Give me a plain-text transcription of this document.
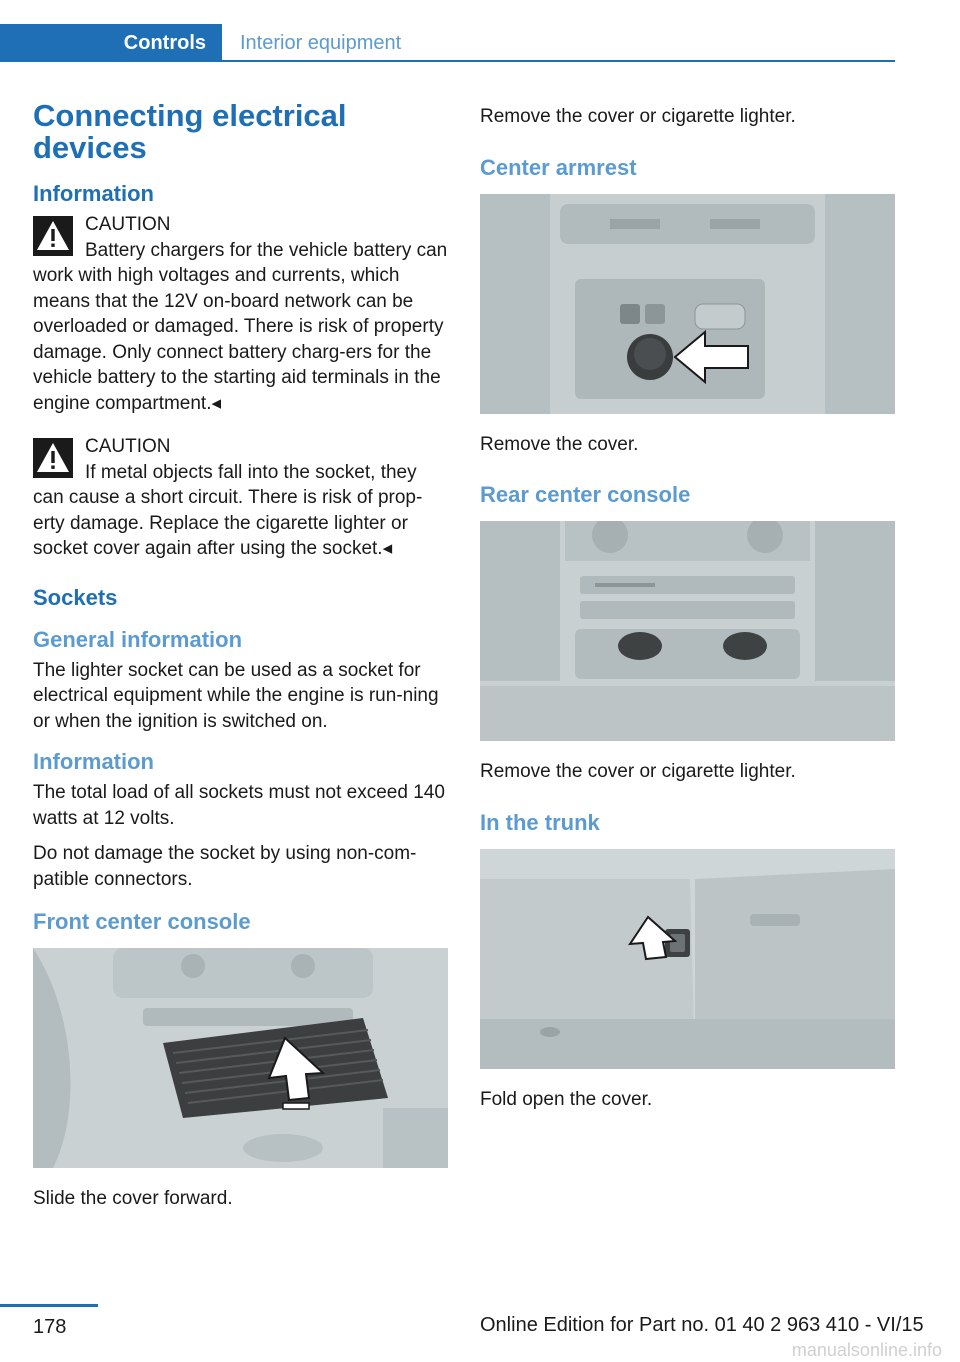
Controls	Interior equipment
Connecting electrical devices
Information
CAUTION
Battery chargers for the vehicle battery can work with high voltages and currents, which means that the 12V on-board network can be overloaded or damaged. There is risk of property damage. Only connect battery charg-ers for the vehicle battery to the starting aid terminals in the engine compartment.◂
CAUTION
If metal objects fall into the socket, they can cause a short circuit. There is risk of prop-erty damage. Replace the cigarette lighter or socket cover again after using the socket.◂
Sockets
General information
The lighter socket can be used as a socket for electrical equipment while the engine is run-ning or when the ignition is switched on.
Information
The total load of all sockets must not exceed 140 watts at 12 volts.
Do not damage the socket by using non-com-patible connectors.
Front center console
Slide the cover forward.
Remove the cover or cigarette lighter.
Center armrest
Remove the cover.
Rear center console
Remove the cover or cigarette lighter.
In the trunk
Fold open the cover.
178	Online Edition for Part no. 01 40 2 963 410 - VI/15
manualsonline.info
